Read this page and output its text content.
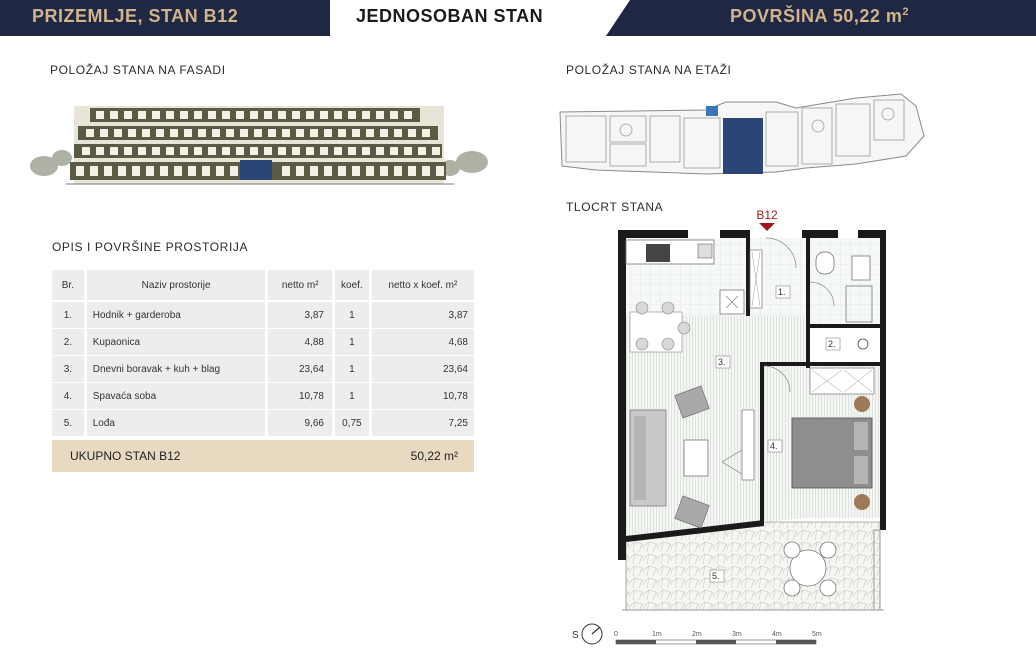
PRIZEMLJE, STAN B12	JEDNOSOBAN STAN	POVRŠINA 50,22 $m^2$
POLOŽAJ STANA NA FASADI	POLOŽAJ STANA NA ETAŽI
TLOCRT STANA
OPIS I POVRŠINE PROSTORIJA
Br.	Naziv prostorije	netto m²	koef.	netto x koef. m²
1.	Hodnik + garderoba	3,87	1	3,87
2.	Kupaonica	4,88	1	4,68
3.	Dnevni boravak + kuh + blag	23,64	1	23,64
4.	Spavaća soba	10,78	1	10,78
5.	Lođa	9,66	0,75	7,25
UKUPNO STAN B12	50,22 m²
B12
1.
2.
3.
4.
5.
S	0	1m	2m	3m	4m	5m
